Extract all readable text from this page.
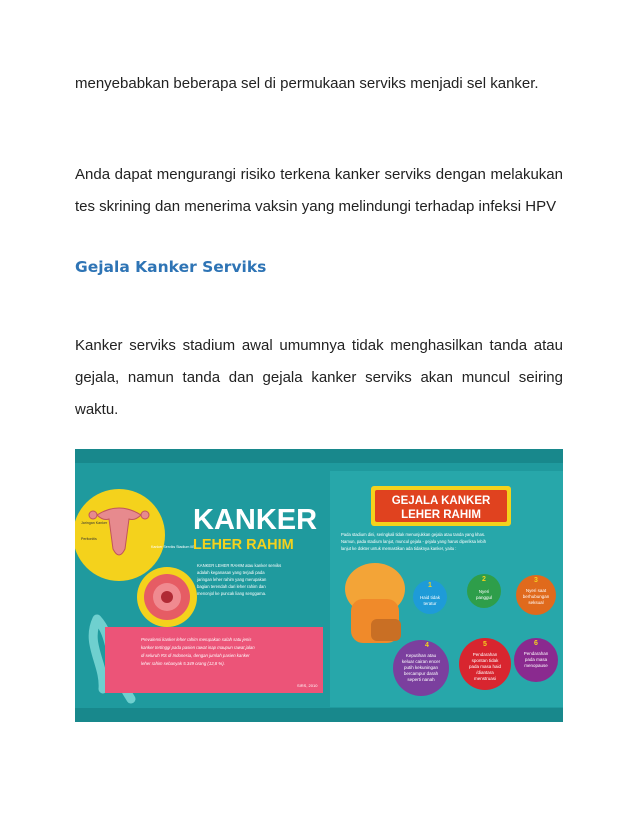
menyebabkan beberapa sel di permukaan serviks menjadi sel kanker.

Anda dapat mengurangi risiko terkena kanker serviks dengan melakukan tes skrining dan menerima vaksin yang melindungi terhadap infeksi HPV

Gejala Kanker Serviks

Kanker serviks stadium awal umumnya tidak menghasilkan tanda atau gejala, namun tanda dan gejala kanker serviks akan muncul seiring waktu.

Jaringan Kanker
Peritonitis
Kanker Serviks Stadium IIB
KANKER
LEHER RAHIM
KANKER LEHER RAHIM atau kanker serviks
adalah keganasan yang terjadi pada
jaringan leher rahim yang merupakan
bagian terendah dari leher rahim dan
menonjol ke puncak liang senggama.
Prevalensi kanker leher rahim merupakan salah satu jenis
kanker tertinggi pada pasien rawat inap maupun rawat jalan
di seluruh RS di Indonesia, dengan jumlah pasien kanker
leher rahim sebanyak 5.349 orang (12,8 %).
SIRS, 2010
GEJALA KANKER
LEHER RAHIM
Pada stadium dini, seringkali tidak menunjukkan gejala atau tanda yang khas.
Namun, pada stadium lanjut, muncul gejala - gejala yang harus diperiksa lebih
lanjut ke dokter untuk memastikan ada tidaknya kanker, yaitu :
1
Haid tidak
teratur
2
Nyeri
panggul
3
Nyeri saat
berhubungan
seksual
4
Keputihan atau
keluar cairan encer
putih kekuningan
bercampur darah
seperti nanah
5
Pendarahan
spontan tidak
pada masa haid
/diantara
menstruasi
6
Pendarahan
pada masa
menopause
